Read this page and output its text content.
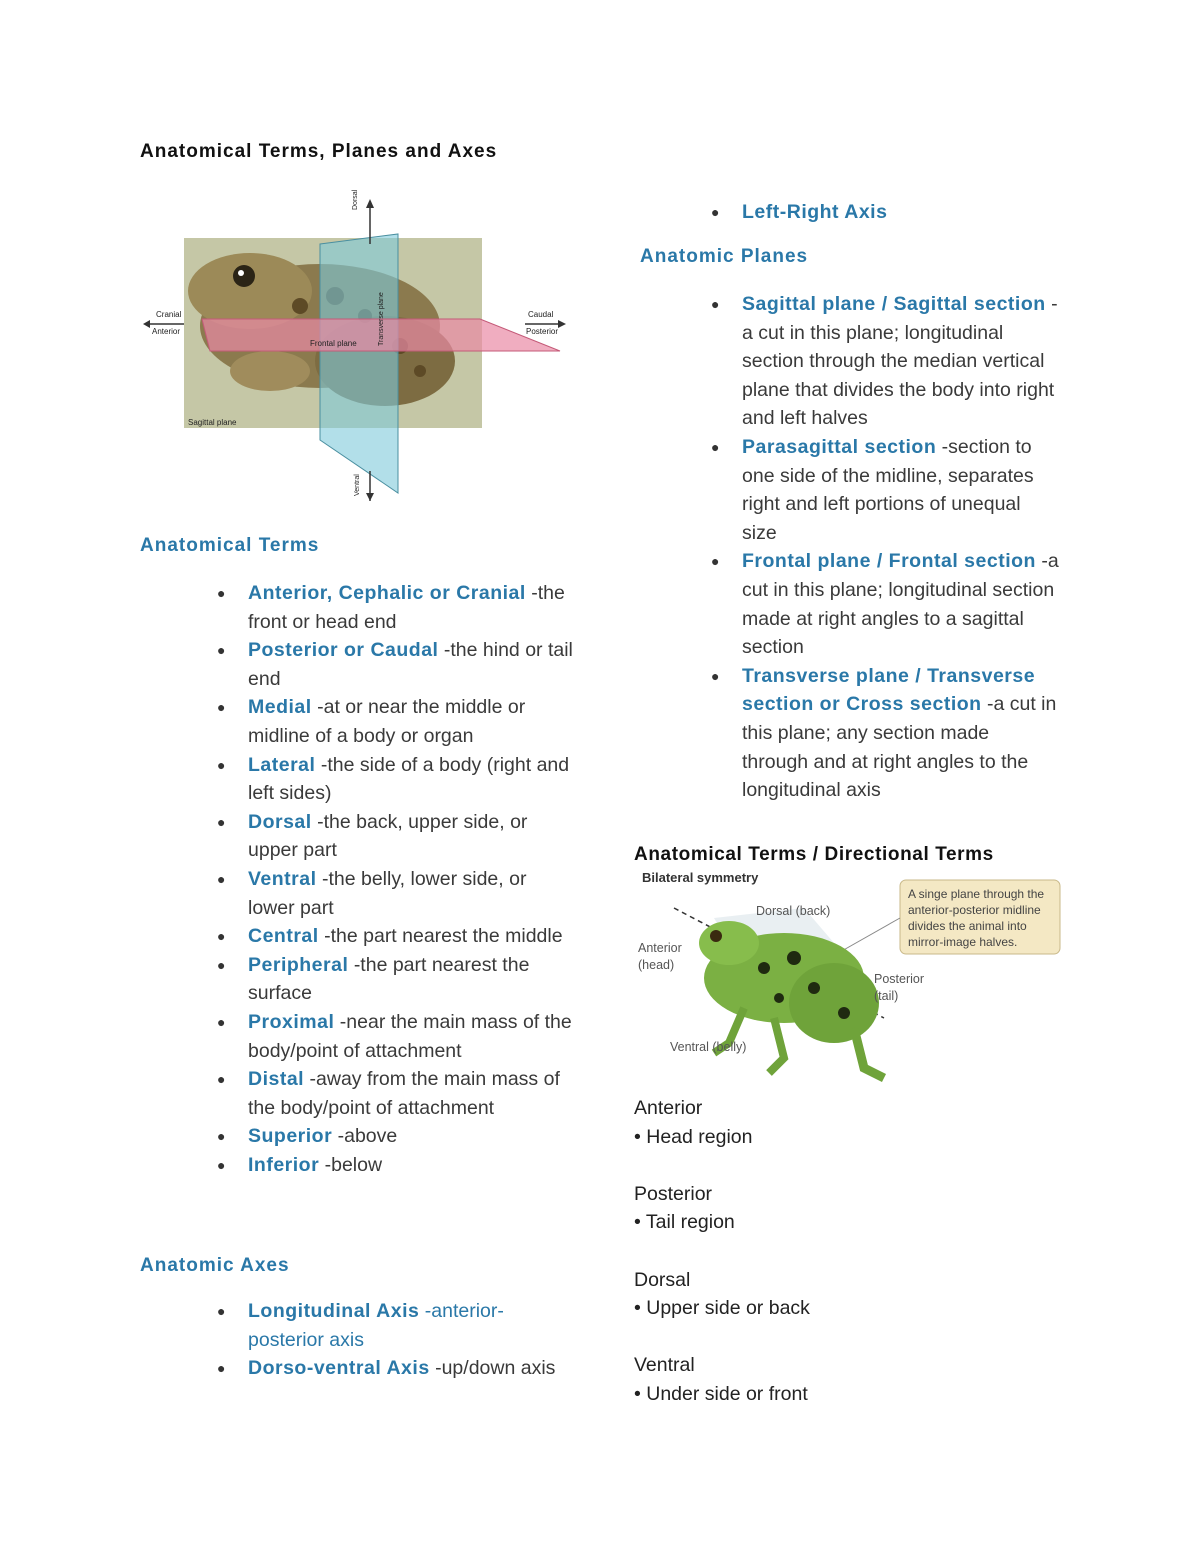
Anatomical Terms, Planes and Axes
Dorsal
Ventral
Cranial
Anterior
Caudal
Posterior
Frontal plane	Transverse plane
Sagittal plane
Anatomical Terms
● Anterior, Cephalic or Cranial -the front or head end
● Posterior or Caudal -the hind or tail end
● Medial -at or near the middle or midline of a body or organ
● Lateral -the side of a body (right and left sides)
● Dorsal -the back, upper side, or upper part
● Ventral -the belly, lower side, or lower part
● Central -the part nearest the middle
● Peripheral -the part nearest the surface
● Proximal -near the main mass of the body/point of attachment
● Distal -away from the main mass of the body/point of attachment
● Superior -above
● Inferior -below
Anatomic Axes
● Longitudinal Axis -anterior-posterior axis
● Dorso-ventral Axis -up/down axis
● Left-Right Axis
Anatomic Planes
● Sagittal plane / Sagittal section -a cut in this plane; longitudinal section through the median vertical plane that divides the body into right and left halves
● Parasagittal section -section to one side of the midline, separates right and left portions of unequal size
● Frontal plane / Frontal section -a cut in this plane; longitudinal section made at right angles to a sagittal section
● Transverse plane / Transverse section or Cross section -a cut in this plane; any section made through and at right angles to the longitudinal axis
Anatomical Terms / Directional Terms
Bilateral symmetry
A singe plane through the anterior-posterior midline divides the animal into mirror-image halves.
Dorsal (back)
Anterior
(head)
Posterior
(tail)
Ventral (belly)
Anterior
• Head region
Posterior
• Tail region
Dorsal
• Upper side or back
Ventral
• Under side or front
